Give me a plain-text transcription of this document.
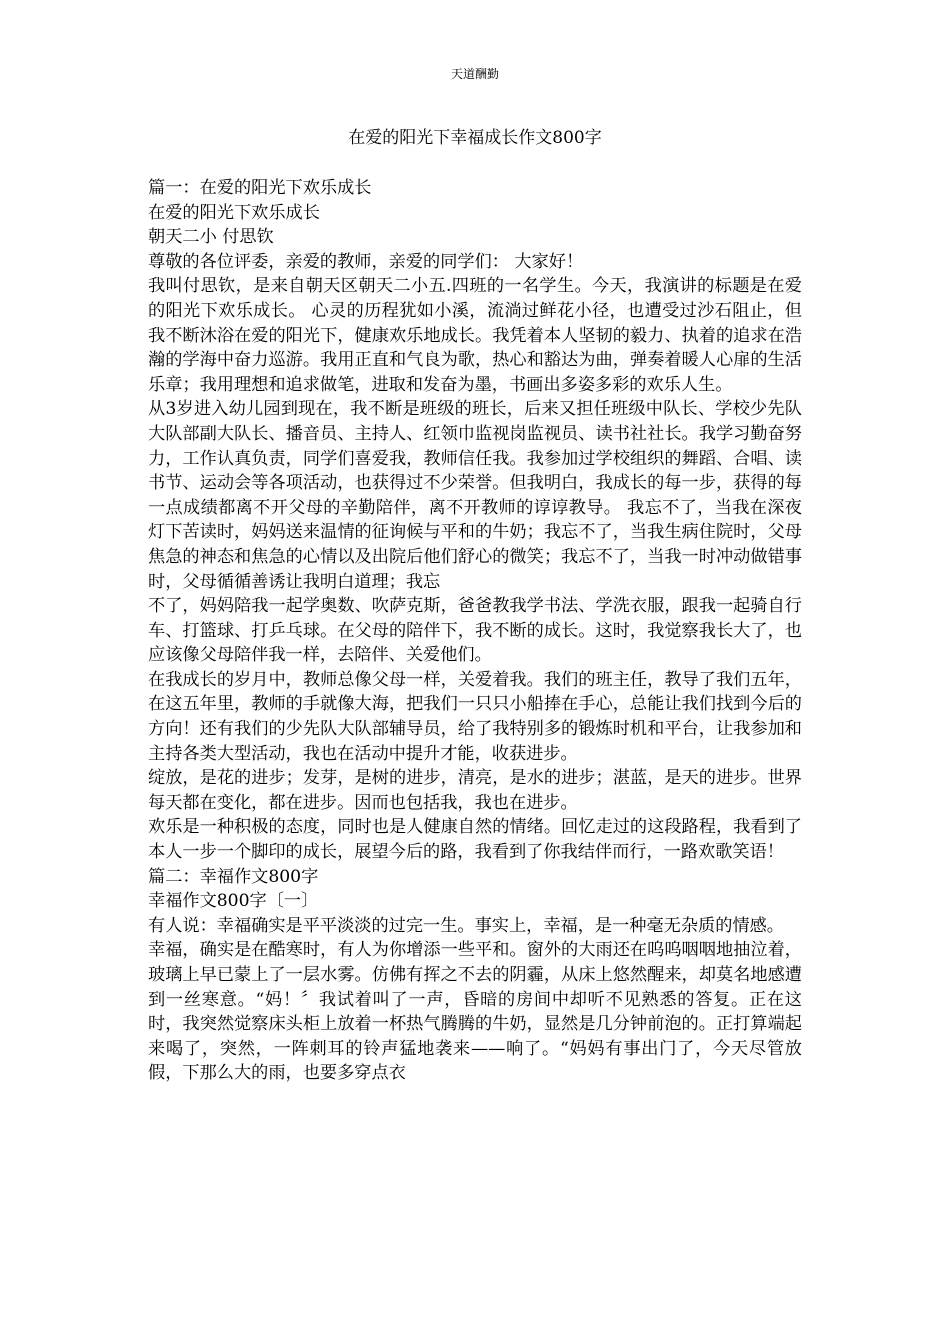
天道酬勤
在爱的阳光下幸福成长作文800字

篇一：在爱的阳光下欢乐成长

在爱的阳光下欢乐成长

朝天二小 付思钦

尊敬的各位评委，亲爱的教师，亲爱的同学们： 大家好！

我叫付思钦，是来自朝天区朝天二小五.四班的一名学生。今天，我演讲的标题是在爱的阳光下欢乐成长。 心灵的历程犹如小溪，流淌过鲜花小径，也遭受过沙石阻止，但我不断沐浴在爱的阳光下，健康欢乐地成长。我凭着本人坚韧的毅力、执着的追求在浩瀚的学海中奋力巡游。我用正直和气良为歌，热心和豁达为曲，弹奏着暖人心扉的生活乐章；我用理想和追求做笔，进取和发奋为墨，书画出多姿多彩的欢乐人生。

从3岁进入幼儿园到现在，我不断是班级的班长，后来又担任班级中队长、学校少先队大队部副大队长、播音员、主持人、红领巾监视岗监视员、读书社社长。我学习勤奋努力，工作认真负责，同学们喜爱我，教师信任我。我参加过学校组织的舞蹈、合唱、读书节、运动会等各项活动，也获得过不少荣誉。但我明白，我成长的每一步，获得的每一点成绩都离不开父母的辛勤陪伴，离不开教师的谆谆教导。 我忘不了，当我在深夜灯下苦读时，妈妈送来温情的征询候与平和的牛奶；我忘不了，当我生病住院时，父母焦急的神态和焦急的心情以及出院后他们舒心的微笑；我忘不了，当我一时冲动做错事时，父母循循善诱让我明白道理；我忘

不了，妈妈陪我一起学奥数、吹萨克斯，爸爸教我学书法、学洗衣服，跟我一起骑自行车、打篮球、打乒乓球。在父母的陪伴下，我不断的成长。这时，我觉察我长大了，也应该像父母陪伴我一样，去陪伴、关爱他们。

在我成长的岁月中，教师总像父母一样，关爱着我。我们的班主任，教导了我们五年，在这五年里，教师的手就像大海，把我们一只只小船捧在手心，总能让我们找到今后的方向！还有我们的少先队大队部辅导员，给了我特别多的锻炼时机和平台，让我参加和主持各类大型活动，我也在活动中提升才能，收获进步。

绽放，是花的进步；发芽，是树的进步，清亮，是水的进步；湛蓝，是天的进步。世界每天都在变化，都在进步。因而也包括我，我也在进步。

欢乐是一种积极的态度，同时也是人健康自然的情绪。回忆走过的这段路程，我看到了本人一步一个脚印的成长，展望今后的路，我看到了你我结伴而行，一路欢歌笑语！

篇二：幸福作文800字

幸福作文800字〔一〕

有人说：幸福确实是平平淡淡的过完一生。事实上，幸福，是一种毫无杂质的情感。

幸福，确实是在酷寒时，有人为你增添一些平和。窗外的大雨还在呜呜咽咽地抽泣着，玻璃上早已蒙上了一层水雾。仿佛有挥之不去的阴霾，从床上悠然醒来，却莫名地感遭到一丝寒意。“妈！〞我试着叫了一声，昏暗的房间中却听不见熟悉的答复。正在这时，我突然觉察床头柜上放着一杯热气腾腾的牛奶，显然是几分钟前泡的。正打算端起来喝了，突然，一阵刺耳的铃声猛地袭来——响了。“妈妈有事出门了，今天尽管放假，下那么大的雨，也要多穿点衣
